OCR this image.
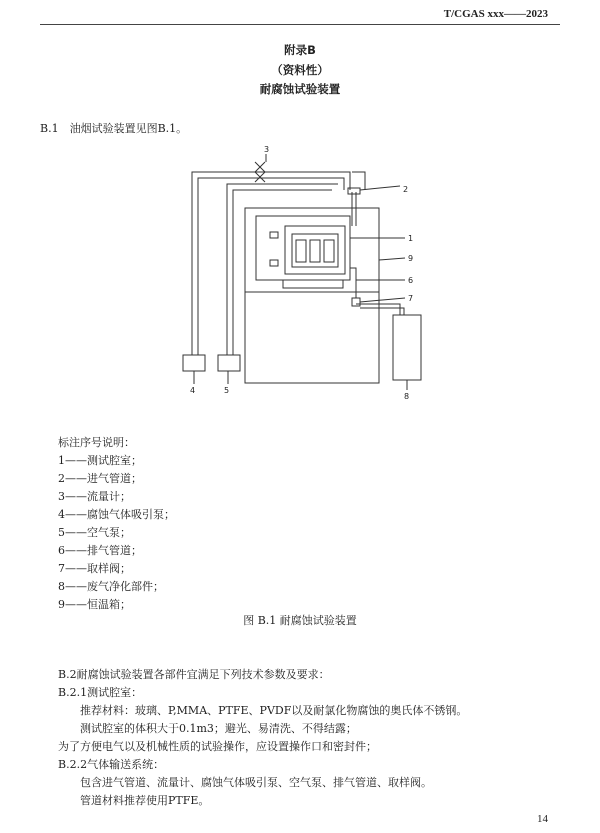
T/CGAS xxx——2023
附录B
（资料性）
耐腐蚀试验装置
B.1　油烟试验装置见图B.1。
3
2
1
9
6
7
4	5
8
标注序号说明：
1——测试腔室；
2——进气管道；
3——流量计；
4——腐蚀气体吸引泵；
5——空气泵；
6——排气管道；
7——取样阀；
8——废气净化部件；
9——恒温箱；
图 B.1 耐腐蚀试验装置
B.2耐腐蚀试验装置各部件宜满足下列技术参数及要求：
B.2.1测试腔室：
推荐材料：玻璃、P,MMA、PTFE、PVDF以及耐氯化物腐蚀的奥氏体不锈钢。
测试腔室的体积大于0.1m3；避光、易清洗、不得结露；
为了方便电气以及机械性质的试验操作，应设置操作口和密封件；
B.2.2气体输送系统：
包含进气管道、流量计、腐蚀气体吸引泵、空气泵、排气管道、取样阀。
管道材料推荐使用PTFE。
14
